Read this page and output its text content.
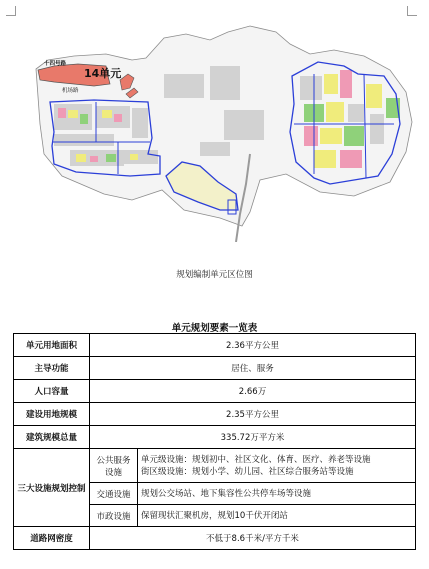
十四号路
机场路
14单元
规划编制单元区位图
单元规划要素一览表
单元用地面积	2.36平方公里	
主导功能	居住、服务	
人口容量	2.66万	
建设用地规模	2.35平方公里	
建筑规模总量	335.72万平方米	
三大设施规划控制	公共服务设施	单元级设施：规划初中、社区文化、体育、医疗、养老等设施
街区级设施：规划小学、幼儿园、社区综合服务站等设施

	交通设施	规划公交场站、地下集容性公共停车场等设施
	市政设施	保留现状汇聚机房，规划10千伏开闭站
道路网密度	不低于8.6千米/平方千米	
